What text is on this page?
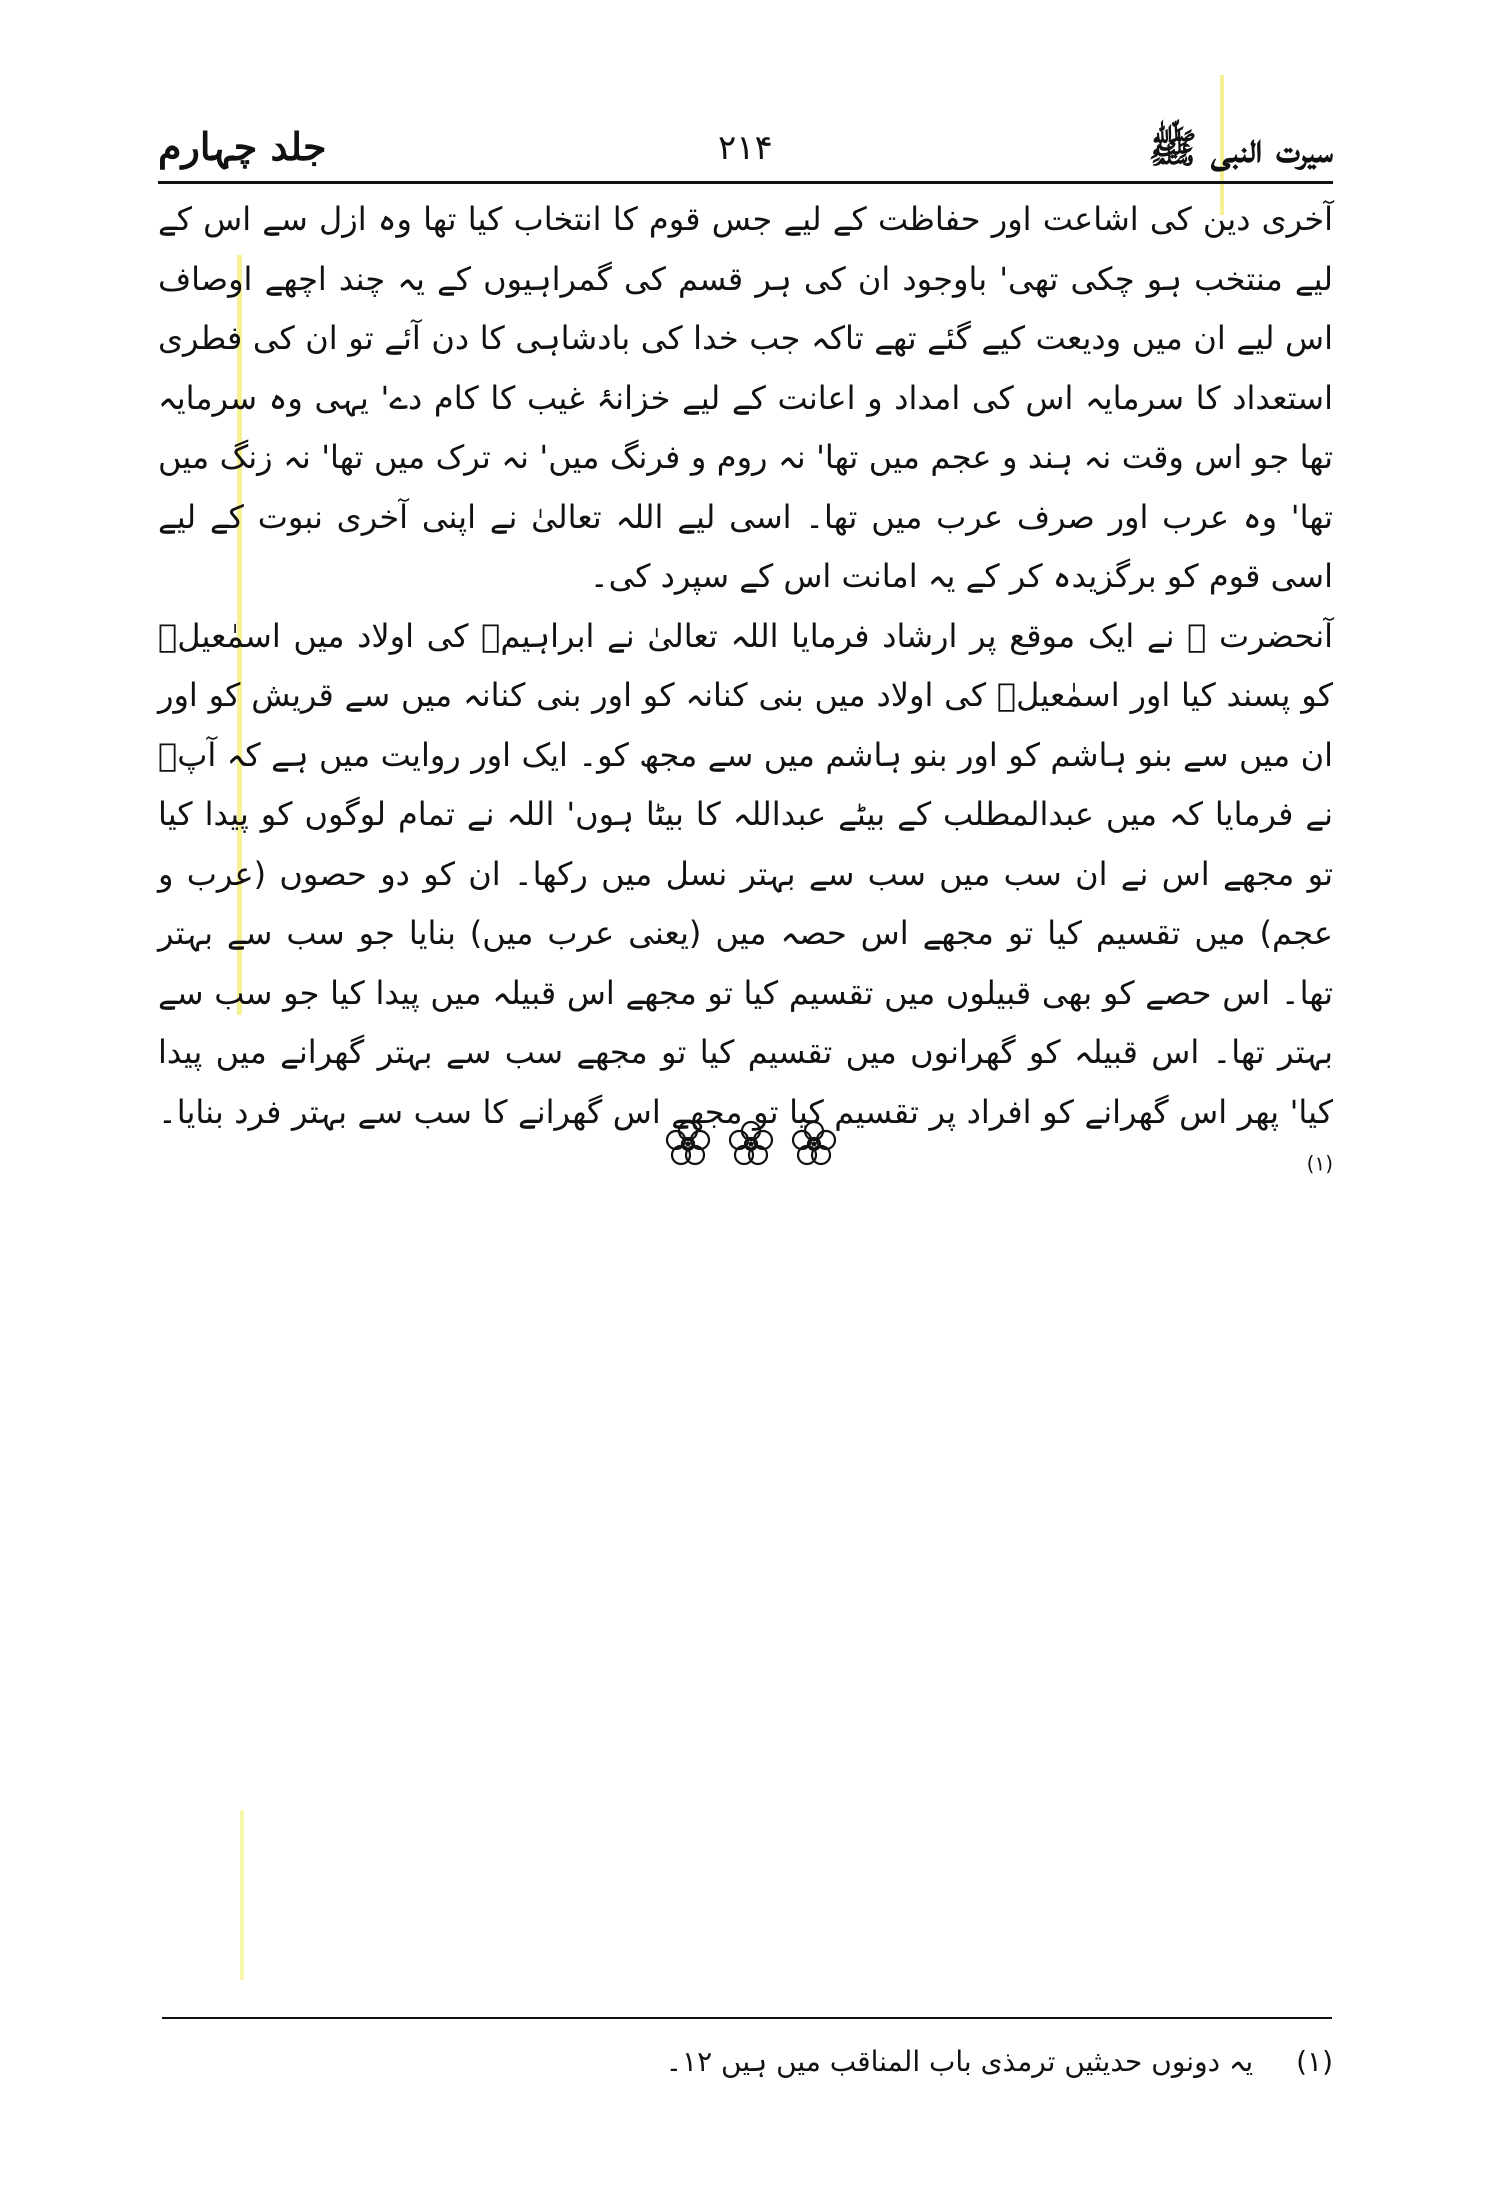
سیرت النبی ﷺ
۲۱۴
جلد چہارم

آخری دین کی اشاعت اور حفاظت کے لیے جس قوم کا انتخاب کیا تھا وہ ازل سے اس کے لیے منتخب ہو چکی تھی' باوجود ان کی ہر قسم کی گمراہیوں کے یہ چند اچھے اوصاف اس لیے ان میں ودیعت کیے گئے تھے تاکہ جب خدا کی بادشاہی کا دن آئے تو ان کی فطری استعداد کا سرمایہ اس کی امداد و اعانت کے لیے خزانۂ غیب کا کام دے' یہی وہ سرمایہ تھا جو اس وقت نہ ہند و عجم میں تھا' نہ روم و فرنگ میں' نہ ترک میں تھا' نہ زنگ میں تھا' وہ عرب اور صرف عرب میں تھا۔ اسی لیے اللہ تعالیٰ نے اپنی آخری نبوت کے لیے اسی قوم کو برگزیدہ کر کے یہ امانت اس کے سپرد کی۔

آنحضرت ﷺ نے ایک موقع پر ارشاد فرمایا اللہ تعالیٰ نے ابراہیمؑ کی اولاد میں اسمٰعیلؑ کو پسند کیا اور اسمٰعیلؑ کی اولاد میں بنی کنانہ کو اور بنی کنانہ میں سے قریش کو اور ان میں سے بنو ہاشم کو اور بنو ہاشم میں سے مجھ کو۔ ایک اور روایت میں ہے کہ آپؐ نے فرمایا کہ میں عبدالمطلب کے بیٹے عبداللہ کا بیٹا ہوں' اللہ نے تمام لوگوں کو پیدا کیا تو مجھے اس نے ان سب میں سب سے بہتر نسل میں رکھا۔ ان کو دو حصوں (عرب و عجم) میں تقسیم کیا تو مجھے اس حصہ میں (یعنی عرب میں) بنایا جو سب سے بہتر تھا۔ اس حصے کو بھی قبیلوں میں تقسیم کیا تو مجھے اس قبیلہ میں پیدا کیا جو سب سے بہتر تھا۔ اس قبیلہ کو گھرانوں میں تقسیم کیا تو مجھے سب سے بہتر گھرانے میں پیدا کیا' پھر اس گھرانے کو افراد پر تقسیم کیا تو مجھے اس گھرانے کا سب سے بہتر فرد بنایا۔ $^{(۱)}$

(۱) یہ دونوں حدیثیں ترمذی باب المناقب میں ہیں ۱۲۔
